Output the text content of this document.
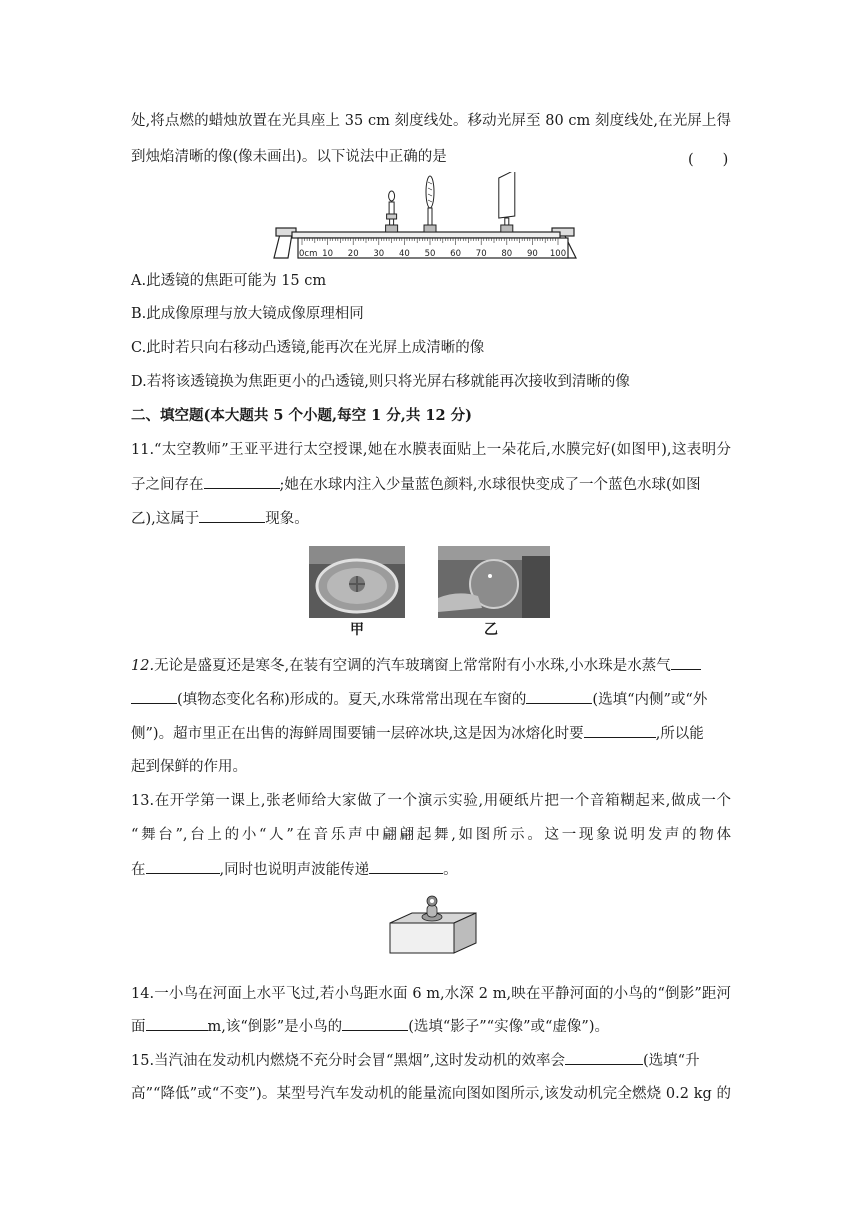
处,将点燃的蜡烛放置在光具座上 35 cm 刻度线处。移动光屏至 80 cm 刻度线处,在光屏上得
到烛焰清晰的像(像未画出)。以下说法中正确的是	(　　)
0cm 10 20 30 40 50 60 70 80 90 100
A.此透镜的焦距可能为 15 cm
B.此成像原理与放大镜成像原理相同
C.此时若只向右移动凸透镜,能再次在光屏上成清晰的像
D.若将该透镜换为焦距更小的凸透镜,则只将光屏右移就能再次接收到清晰的像
二、填空题(本大题共 5 个小题,每空 1 分,共 12 分)
11.“太空教师”王亚平进行太空授课,她在水膜表面贴上一朵花后,水膜完好(如图甲),这表明分
子之间存在	;她在水球内注入少量蓝色颜料,水球很快变成了一个蓝色水球(如图
乙),这属于	现象。
甲	乙
12.无论是盛夏还是寒冬,在装有空调的汽车玻璃窗上常常附有小水珠,小水珠是水蒸气
(填物态变化名称)形成的。夏天,水珠常常出现在车窗的	(选填“内侧”或“外
侧”)。超市里正在出售的海鲜周围要铺一层碎冰块,这是因为冰熔化时要	,所以能
起到保鲜的作用。
13.在开学第一课上,张老师给大家做了一个演示实验,用硬纸片把一个音箱糊起来,做成一个
“舞台”,台上的小“人”在音乐声中翩翩起舞,如图所示。这一现象说明发声的物体
在	,同时也说明声波能传递	。
14.一小鸟在河面上水平飞过,若小鸟距水面 6 m,水深 2 m,映在平静河面的小鸟的“倒影”距河
面	m,该“倒影”是小鸟的	(选填“影子”“实像”或“虚像”)。
15.当汽油在发动机内燃烧不充分时会冒“黑烟”,这时发动机的效率会	(选填“升
高”“降低”或“不变”)。某型号汽车发动机的能量流向图如图所示,该发动机完全燃烧 0.2 kg 的
